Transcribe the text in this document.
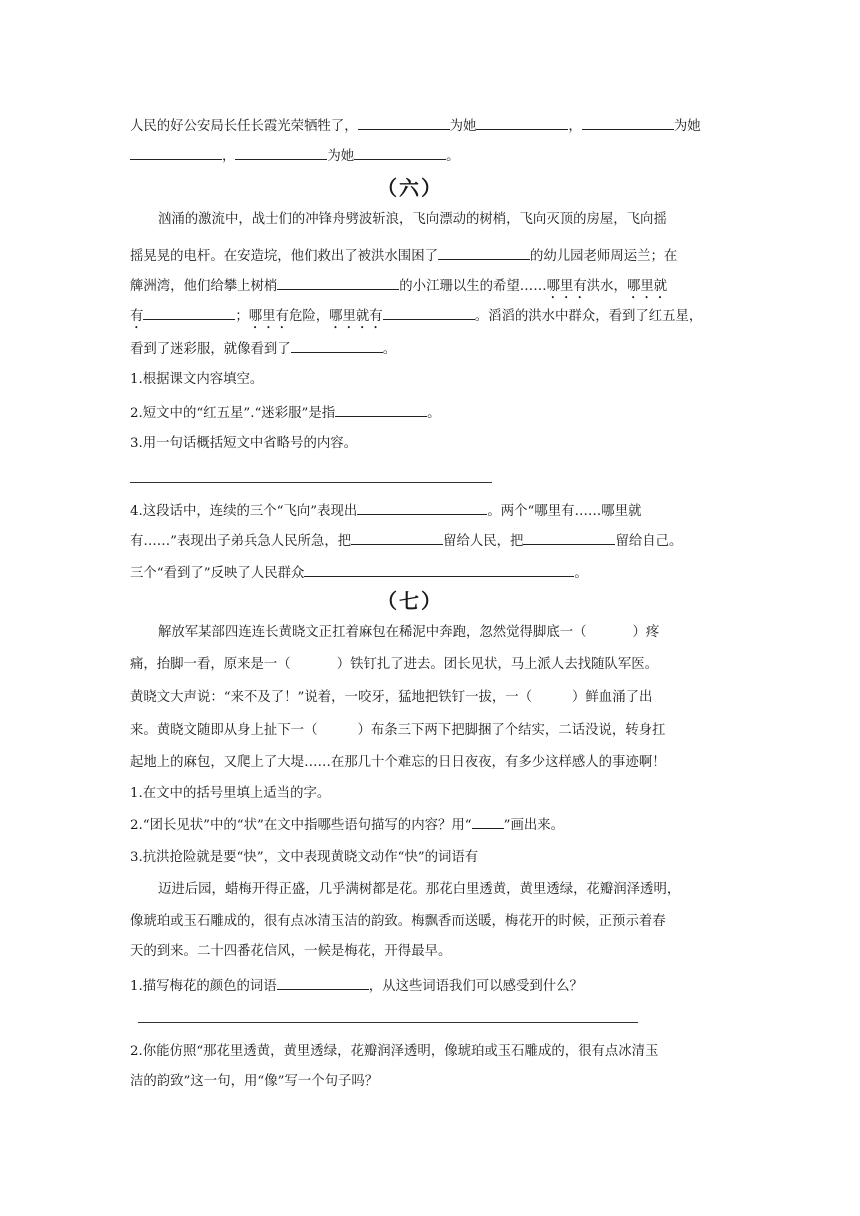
人民的好公安局长任长霞光荣牺牲了，	为她	，	为她
，	为她	。
（六）
汹涌的激流中，战士们的冲锋舟劈波斩浪，飞向漂动的树梢，飞向灭顶的房屋，飞向摇
摇晃晃的电杆。在安造垸，他们救出了被洪水围困了	的幼儿园老师周运兰；在
簰洲湾，他们给攀上树梢	的小江珊以生的希望……哪里有洪水，哪里就
有	；哪里有危险，哪里就有	。滔滔的洪水中群众，看到了红五星，
看到了迷彩服，就像看到了	。
1.根据课文内容填空。
2.短文中的“红五星”.“迷彩服”是指	。
3.用一句话概括短文中省略号的内容。
4.这段话中，连续的三个“飞向”表现出	。两个“哪里有……哪里就
有……”表现出子弟兵急人民所急，把	留给人民，把	留给自己。
三个“看到了”反映了人民群众	。
（七）
解放军某部四连连长黄晓文正扛着麻包在稀泥中奔跑，忽然觉得脚底一（	）疼
痛，抬脚一看，原来是一（	）铁钉扎了进去。团长见状，马上派人去找随队军医。
黄晓文大声说：“来不及了！”说着，一咬牙，猛地把铁钉一拔，一（	）鲜血涌了出
来。黄晓文随即从身上扯下一（	）布条三下两下把脚捆了个结实，二话没说，转身扛
起地上的麻包，又爬上了大堤……在那几十个难忘的日日夜夜，有多少这样感人的事迹啊！
1.在文中的括号里填上适当的字。
2.“团长见状”中的“状”在文中指哪些语句描写的内容？用“ ”画出来。
3.抗洪抢险就是要“快”，文中表现黄晓文动作“快”的词语有
迈进后园，蜡梅开得正盛，几乎满树都是花。那花白里透黄，黄里透绿，花瓣润泽透明，
像琥珀或玉石雕成的，很有点冰清玉洁的韵致。梅飘香而送暖，梅花开的时候，正预示着春
天的到来。二十四番花信风，一候是梅花，开得最早。
1.描写梅花的颜色的词语	，从这些词语我们可以感受到什么？
2.你能仿照“那花里透黄，黄里透绿，花瓣润泽透明，像琥珀或玉石雕成的，很有点冰清玉
洁的韵致”这一句，用“像”写一个句子吗？
